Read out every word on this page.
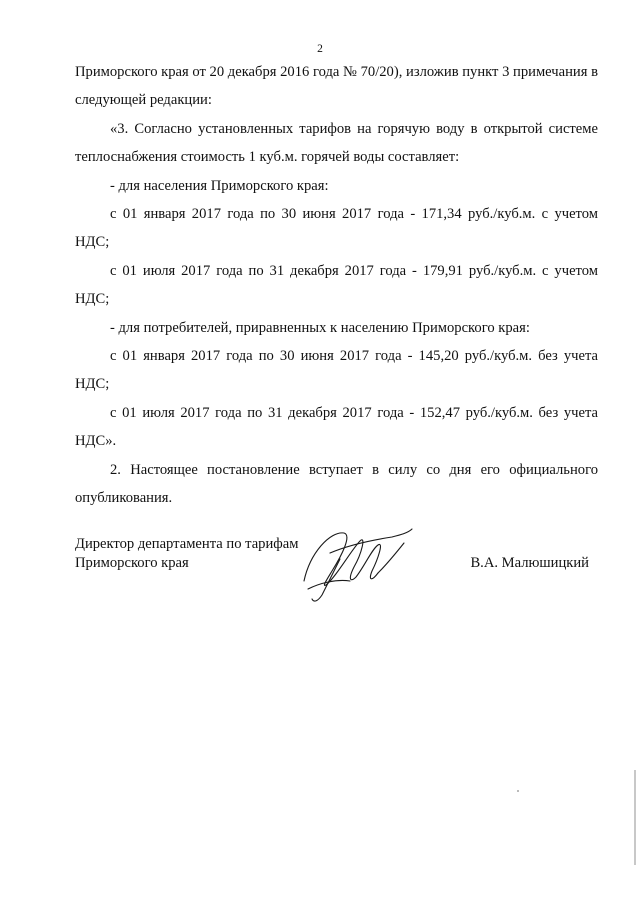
2

Приморского края от 20 декабря 2016 года № 70/20), изложив пункт 3 примечания в следующей редакции:

«3. Согласно установленных тарифов на горячую воду в открытой системе теплоснабжения стоимость 1 куб.м. горячей воды составляет:

- для населения Приморского края:

с 01 января 2017 года по 30 июня 2017 года - 171,34 руб./куб.м. с учетом НДС;

с 01 июля 2017 года по 31 декабря 2017 года - 179,91 руб./куб.м. с учетом НДС;

- для потребителей, приравненных к населению Приморского края:

с 01 января 2017 года по 30 июня 2017 года - 145,20 руб./куб.м. без учета НДС;

с 01 июля 2017 года по 31 декабря 2017 года - 152,47 руб./куб.м. без учета НДС».

2. Настоящее постановление вступает в силу со дня его официального опубликования.

Директор департамента по тарифам
Приморского края	В.А. Малюшицкий
